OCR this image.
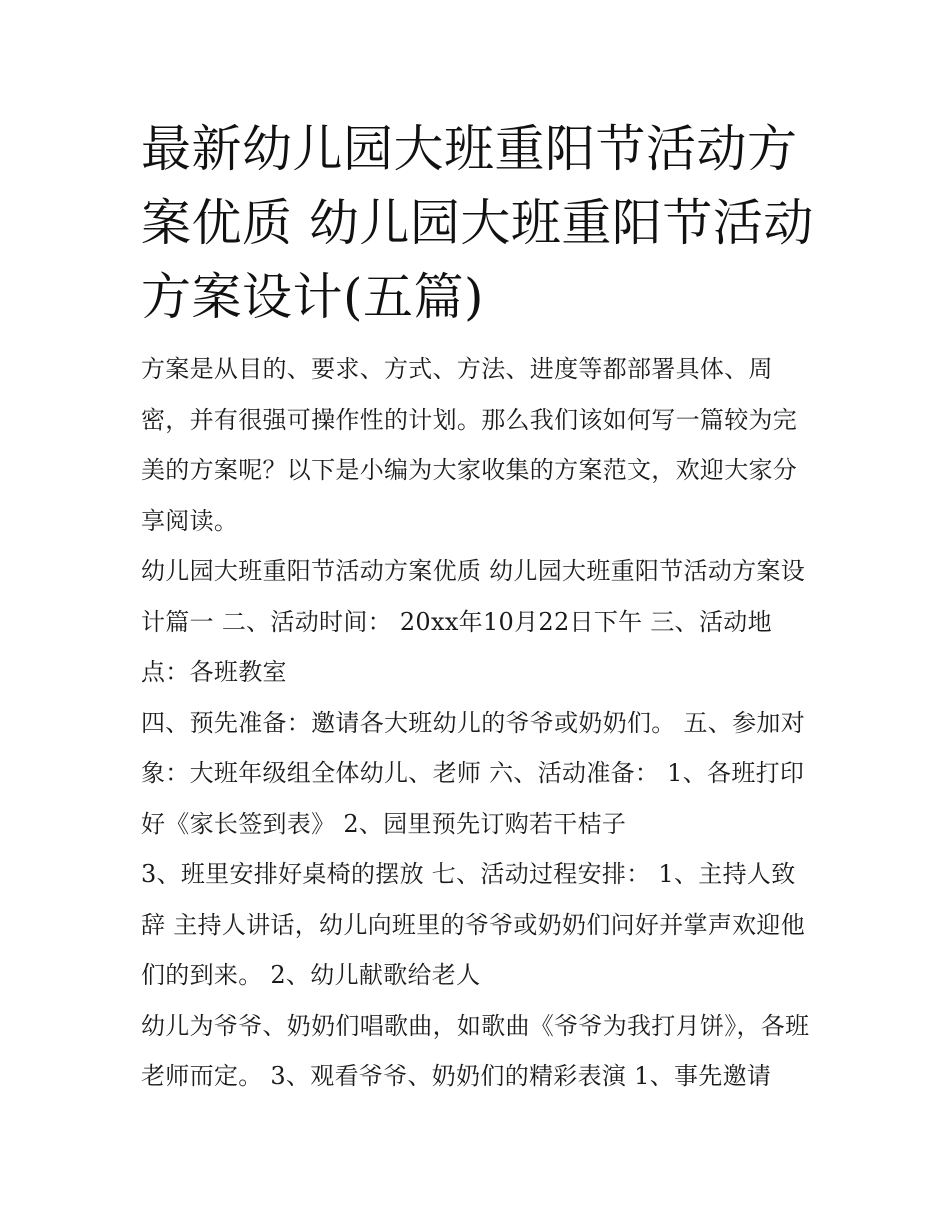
最新幼儿园大班重阳节活动方案优质 幼儿园大班重阳节活动方案设计(五篇)

方案是从目的、要求、方式、方法、进度等都部署具体、周密，并有很强可操作性的计划。那么我们该如何写一篇较为完美的方案呢？以下是小编为大家收集的方案范文，欢迎大家分享阅读。

幼儿园大班重阳节活动方案优质 幼儿园大班重阳节活动方案设计篇一 二、活动时间： 20xx年10月22日下午 三、活动地点：各班教室

四、预先准备：邀请各大班幼儿的爷爷或奶奶们。 五、参加对象：大班年级组全体幼儿、老师 六、活动准备： 1、各班打印好《家长签到表》 2、园里预先订购若干桔子

3、班里安排好桌椅的摆放 七、活动过程安排： 1、主持人致辞 主持人讲话，幼儿向班里的爷爷或奶奶们问好并掌声欢迎他们的到来。 2、幼儿献歌给老人

幼儿为爷爷、奶奶们唱歌曲，如歌曲《爷爷为我打月饼》，各班老师而定。 3、观看爷爷、奶奶们的精彩表演 1、事先邀请
